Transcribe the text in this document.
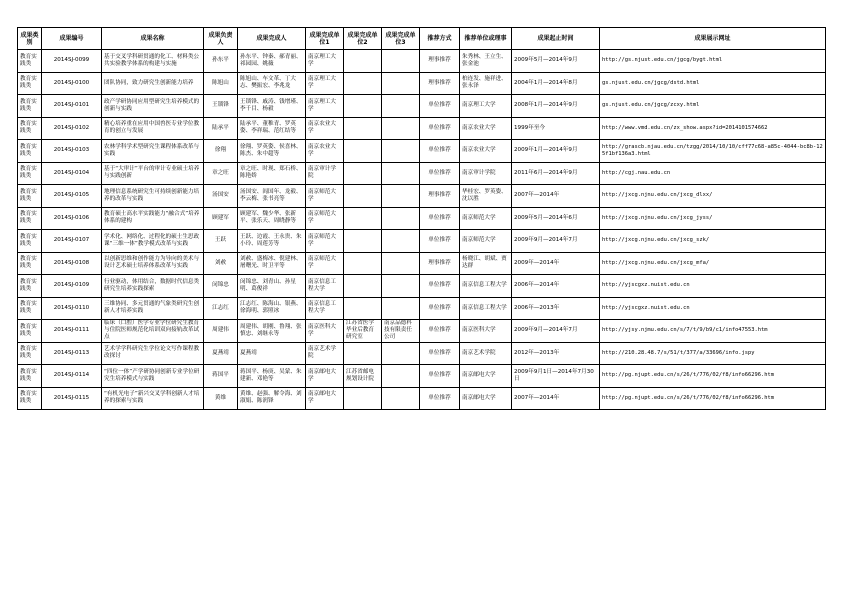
成果类别	成果编号	成果名称	成果负责人	成果完成人	成果完成单位1	成果完成单位2	成果完成单位3	推荐方式	推荐单位或理事	成果起止时间	成果展示网址
教育实践类	2014SJ-0099	基于交叉学科研贯通的化工、材料类公共实验教学体系的构建与实施	孙东平	孙东平、钟秦、郝青丽、祁园园、姚薇	南京理工大学			理事推荐	朱秀林、王立生、张金池	2009年5月—2014年9月	http://gs.njust.edu.cn/jgcg/bygt.html
教育实践类	2014SJ-0100	团队协同，致力研究生创新能力培养	陈旭山	陈旭山、车文革、丁大志、樊振宏、李兆龙	南京理工大学			理事推荐	柏连发、施祥进、张永泽	2004年1月—2014年8月	gs.njust.edu.cn/jgcg/dstd.html
教育实践类	2014SJ-0101	政产学研协同应用型研究生培养模式的创新与实践	王锁锋	王锁锋、戚涛、钱增瑾、李千目、杨毅	南京理工大学			单位推荐	南京理工大学	2008年1月—2014年9月	gs.njust.edu.cn/jgcg/zcxy.html
教育实践类	2014SJ-0102	精心培养重在应用中国兽医专业学位教育的创立与发展	陆承平	陆承平、董稚青、罗英姿、李祥瑞、范红结等	南京农业大学			单位推荐	南京农业大学	1999年至今	http://www.vmd.edu.cn/zx_show.aspx?id=2014101574662
教育实践类	2014SJ-0103	农林学科学术型研究生课程体系改革与实践	徐翔	徐翔、罗英姿、侯喜林、陈杰、朱中超等	南京农业大学			单位推荐	南京农业大学	2009年1月—2014年9月	http://grascb.njau.edu.cn/tzgg/2014/10/10/cff77c68-a85c-4044-bc8b-125f1bf136a3.html
教育实践类	2014SJ-0104	基于“大审计”平台的审计专业硕士培养与实践创新	章之旺	章之旺、时现、郑石桥、陈艳娇	南京审计学院			单位推荐	南京审计学院	2011年6月—2014年9月	http://cgj.nau.edu.cn
教育实践类	2014SJ-0105	地理信息系统研究生可持续创新能力培养的改革与实践	汤国安	汤国安、闾国年、龙毅、李云梅、张书亮等	南京师范大学			理事推荐	华桂宏、罗英姿、沈以胜	2007年—2014年	http://jxcg.njnu.edu.cn/jxcg_dlxx/
教育实践类	2014SJ-0106	教育硕士高水平实践能力“融合式”培养体系的建构	顾建军	顾建军、魏少华、张新平、张乐天、周晓静等	南京师范大学			单位推荐	南京师范大学	2009年5月—2014年6月	http://jxcg.njnu.edu.cn/jxcg_jyss/
教育实践类	2014SJ-0107	学术化、网络化、过程化的硕士生思政课“三维一体”教学模式改革与实践	王跃	王跃、边霞、王永贵、朱小玲、周莲芳等	南京师范大学			单位推荐	南京师范大学	2009年9月—2014年7月	http://jxcg.njnu.edu.cn/jxcg_szk/
教育实践类	2014SJ-0108	以创新思维和创作能力为导向的美术与设计艺术硕士培养体系改革与实践	刘赦	刘赦、盛梅冰、倪建林、屠曙光、时卫平等	南京师范大学			理事推荐	杨晓江、胡斌、贾达群	2009年—2014年	http://jxcg.njnu.edu.cn/jxcg_mfa/
教育实践类	2014SJ-0109	行业驱动，体用结合，数据时代信息类研究生培养实践探索	闵锦忠	闵锦忠、刘青山、孙星明、葛俊祥	南京信息工程大学			单位推荐	南京信息工程大学	2006年—2014年	http://yjscgxz.nuist.edu.cn
教育实践类	2014SJ-0110	三维协同、多元贯通的气象类研究生创新人才培养实践	江志红	江志红、陈海山、银燕、徐海明、郭照冰	南京信息工程大学			单位推荐	南京信息工程大学	2006年—2013年	http://yjscgxz.nuist.edu.cn
教育实践类	2014SJ-0111	临床（口腔）医学专业学位研究生教育与住院医师规范化培训双向接轨改革试点	周建伟	周建伟、胡刚、鲁翔、张慎忠、刘继永等	南京医科大学	江苏省医学毕业后教育研究室	南京品德科技有限责任公司	单位推荐	南京医科大学	2009年9月—2014年7月	http://yjsy.njmu.edu.cn/s/7/t/9/b9/c1/info47553.htm
教育实践类	2014SJ-0113	艺术学学科研究生学位论文写作课程教改探讨	夏燕靖	夏燕靖	南京艺术学院			单位推荐	南京艺术学院	2012年—2013年	http://210.28.48.7/s/51/t/377/a/33696/info.jspy
教育实践类	2014SJ-0114	“四位一体”产学研协同创新专业学位研究生培养模式与实践	蒋国平	蒋国平、杨庚、吴蒙、朱建新、邓艳等	南京邮电大学	江苏省邮电规划设计院		单位推荐	南京邮电大学	2009年9月1日—2014年7月30日	http://pg.njupt.edu.cn/s/26/t/776/02/f8/info66296.htm
教育实践类	2014SJ-0115	“有机光电子”新兴交叉学科创新人才培养的探索与实践	黄维	黄维、赵强、解令海、刘淑娟、陈润锋	南京邮电大学			单位推荐	南京邮电大学	2007年—2014年	http://pg.njupt.edu.cn/s/26/t/776/02/f8/info66296.htm
